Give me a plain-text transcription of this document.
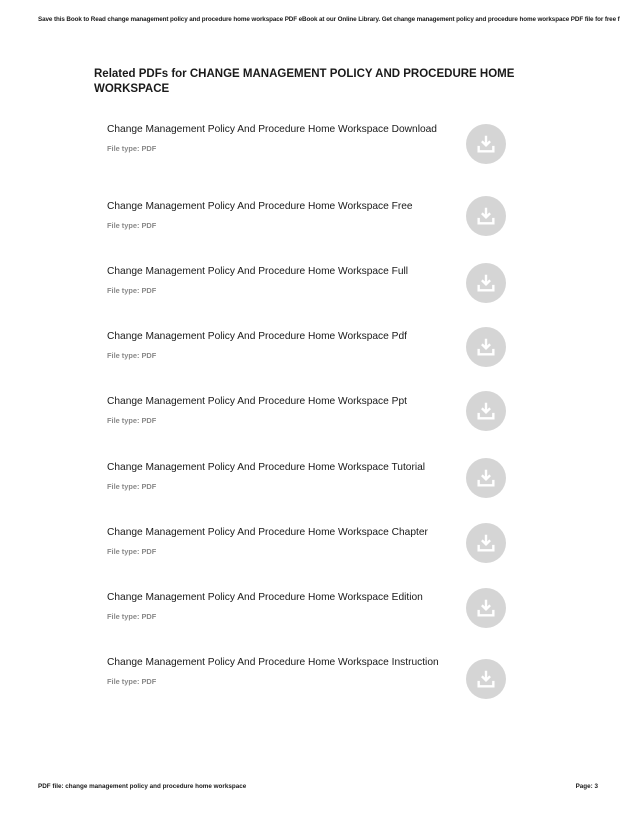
Save this Book to Read change management policy and procedure home workspace PDF eBook at our Online Library. Get change management policy and procedure home workspace PDF file for free f
Related PDFs for CHANGE MANAGEMENT POLICY AND PROCEDURE HOME WORKSPACE
Change Management Policy And Procedure Home Workspace Download
File type: PDF
Change Management Policy And Procedure Home Workspace Free
File type: PDF
Change Management Policy And Procedure Home Workspace Full
File type: PDF
Change Management Policy And Procedure Home Workspace Pdf
File type: PDF
Change Management Policy And Procedure Home Workspace Ppt
File type: PDF
Change Management Policy And Procedure Home Workspace Tutorial
File type: PDF
Change Management Policy And Procedure Home Workspace Chapter
File type: PDF
Change Management Policy And Procedure Home Workspace Edition
File type: PDF
Change Management Policy And Procedure Home Workspace Instruction
File type: PDF
PDF file: change management policy and procedure home workspace	Page: 3
